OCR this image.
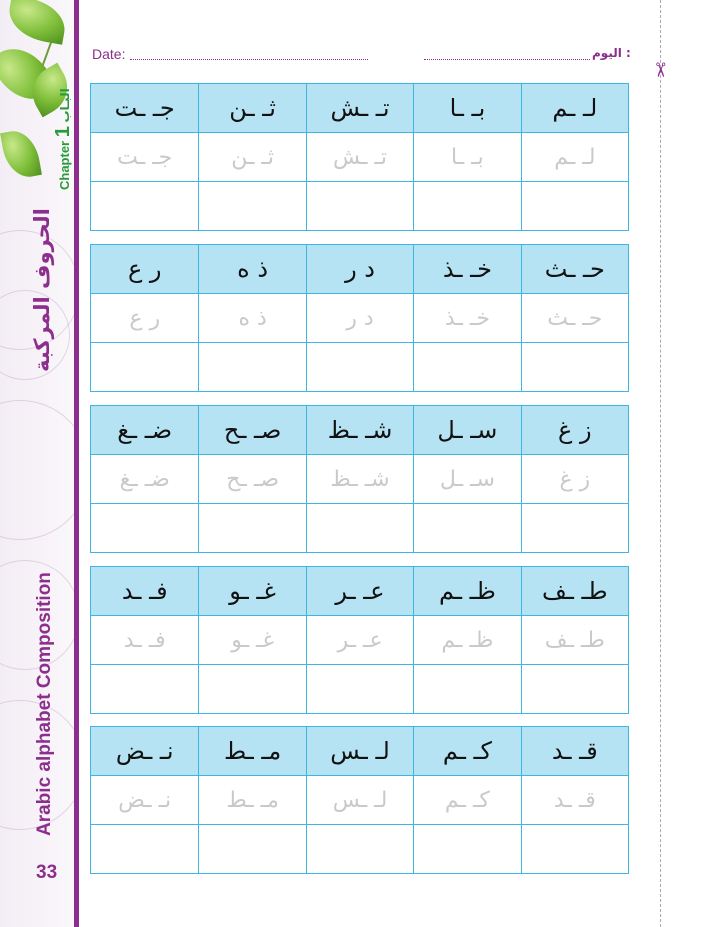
Chapter 1 البـاب
الحروف المركبة
Arabic alphabet Composition
33
✂
Date:	اليوم :
لـ ـم
بـ ـا
تـ ـش
ثـ ـن
جـ ـت
لـ ـم
بـ ـا
تـ ـش
ثـ ـن
جـ ـت
حـ ـث
خـ ـذ
د ر
ذ ه
ر ع
حـ ـث
خـ ـذ
د ر
ذ ه
ر ع
ز غ
سـ ـل
شـ ـظ
صـ ـح
ضـ ـغ
ز غ
سـ ـل
شـ ـظ
صـ ـح
ضـ ـغ
طـ ـف
ظـ ـم
عـ ـر
غـ ـو
فـ ـد
طـ ـف
ظـ ـم
عـ ـر
غـ ـو
فـ ـد
قـ ـد
كـ ـم
لـ ـس
مـ ـط
نـ ـض
قـ ـد
كـ ـم
لـ ـس
مـ ـط
نـ ـض
